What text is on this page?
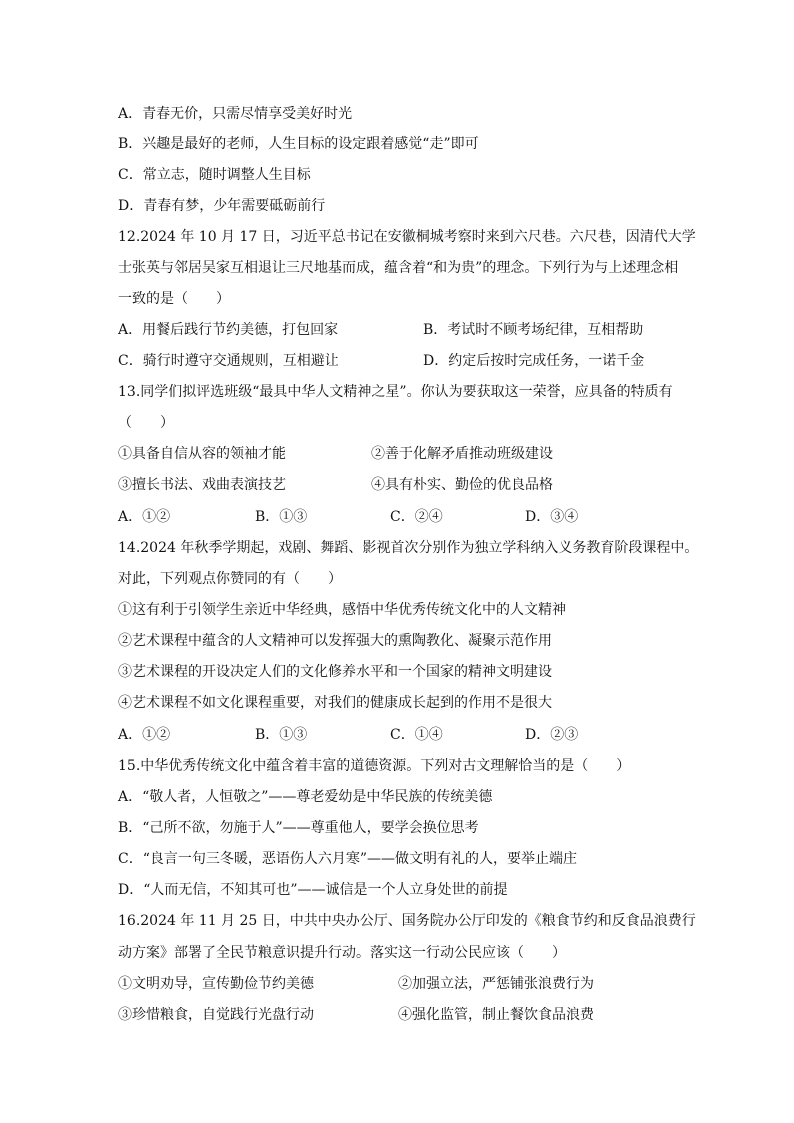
A．青春无价，只需尽情享受美好时光
B．兴趣是最好的老师，人生目标的设定跟着感觉“走”即可
C．常立志，随时调整人生目标
D．青春有梦，少年需要砥砺前行
12.2024 年 10 月 17 日，习近平总书记在安徽桐城考察时来到六尺巷。六尺巷，因清代大学
士张英与邻居吴家互相退让三尺地基而成，蕴含着“和为贵”的理念。下列行为与上述理念相
一致的是（　　）
A．用餐后践行节约美德，打包回家	B．考试时不顾考场纪律，互相帮助
C．骑行时遵守交通规则，互相避让	D．约定后按时完成任务，一诺千金
13.同学们拟评选班级“最具中华人文精神之星”。你认为要获取这一荣誉，应具备的特质有
（　　）
①具备自信从容的领袖才能	②善于化解矛盾推动班级建设
③擅长书法、戏曲表演技艺	④具有朴实、勤俭的优良品格
A．①②	B．①③	C．②④	D．③④
14.2024 年秋季学期起，戏剧、舞蹈、影视首次分别作为独立学科纳入义务教育阶段课程中。
对此，下列观点你赞同的有（　　）
①这有利于引领学生亲近中华经典，感悟中华优秀传统文化中的人文精神
②艺术课程中蕴含的人文精神可以发挥强大的熏陶教化、凝聚示范作用
③艺术课程的开设决定人们的文化修养水平和一个国家的精神文明建设
④艺术课程不如文化课程重要，对我们的健康成长起到的作用不是很大
A．①②	B．①③	C．①④	D．②③
15.中华优秀传统文化中蕴含着丰富的道德资源。下列对古文理解恰当的是（　　）
A．“敬人者，人恒敬之”——尊老爱幼是中华民族的传统美德
B．“己所不欲，勿施于人”——尊重他人，要学会换位思考
C．“良言一句三冬暖，恶语伤人六月寒”——做文明有礼的人，要举止端庄
D．“人而无信，不知其可也”——诚信是一个人立身处世的前提
16.2024 年 11 月 25 日，中共中央办公厅、国务院办公厅印发的《粮食节约和反食品浪费行
动方案》部署了全民节粮意识提升行动。落实这一行动公民应该（　　）
①文明劝导，宣传勤俭节约美德	②加强立法，严惩铺张浪费行为
③珍惜粮食，自觉践行光盘行动	④强化监管，制止餐饮食品浪费
